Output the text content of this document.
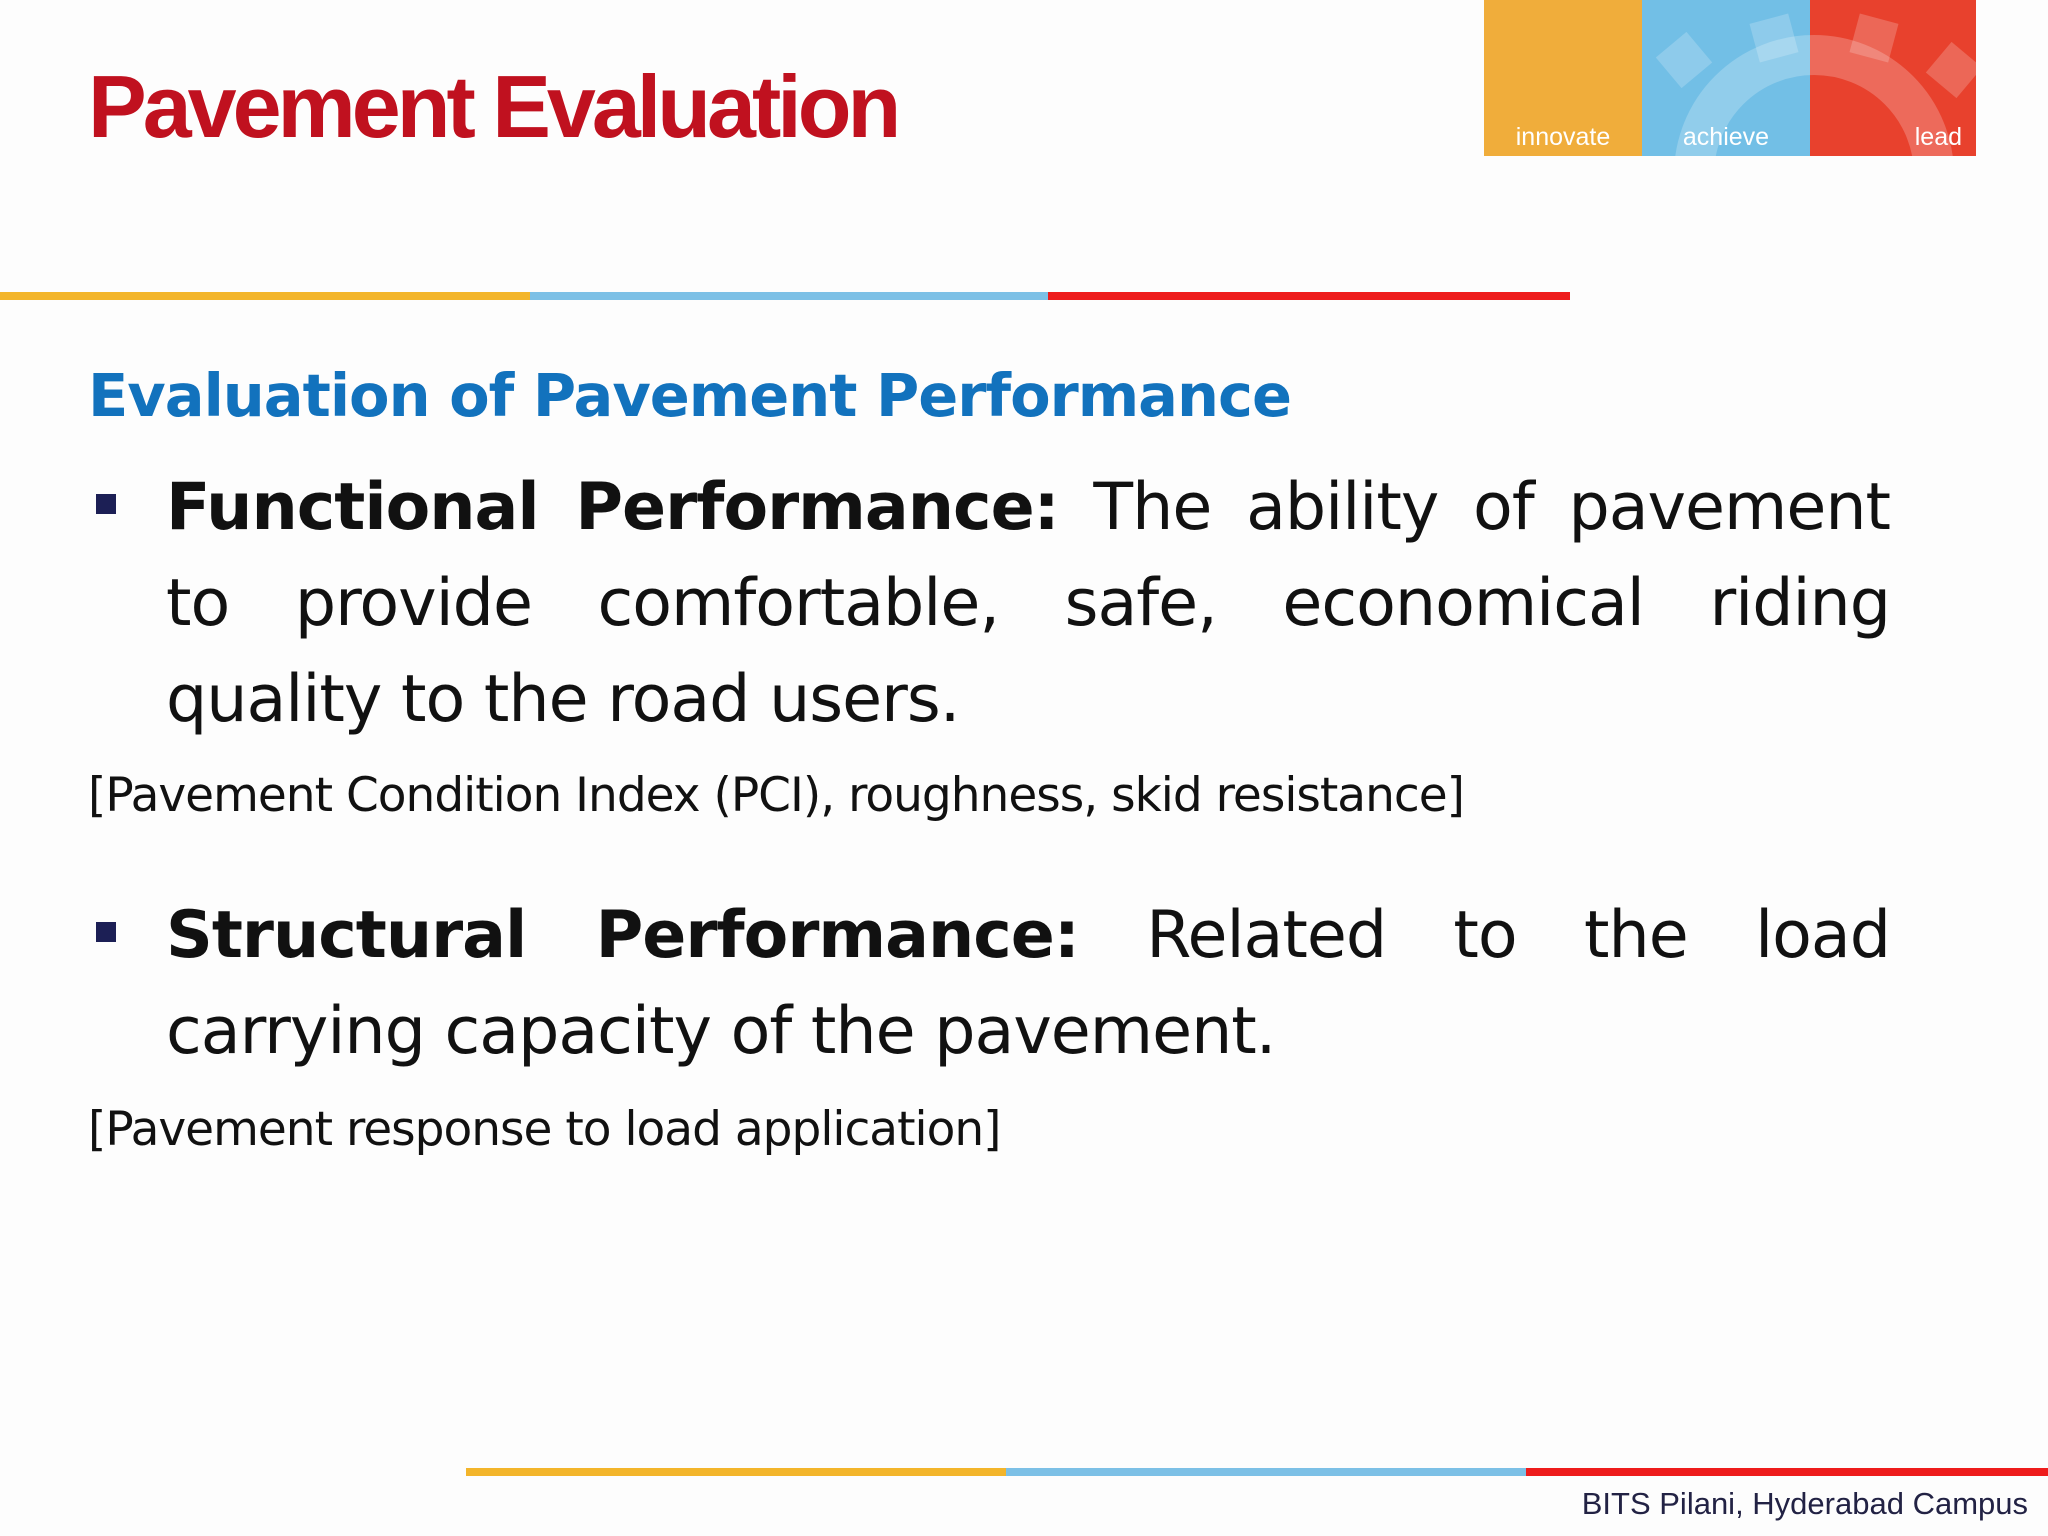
Pavement Evaluation	innovate	achieve	lead
Evaluation of Pavement Performance
Functional Performance: The ability of pavement to provide comfortable, safe, economical riding quality to the road users.
[Pavement Condition Index (PCI), roughness, skid resistance]
Structural Performance: Related to the load carrying capacity of the pavement.
[Pavement response to load application]
BITS Pilani, Hyderabad Campus
